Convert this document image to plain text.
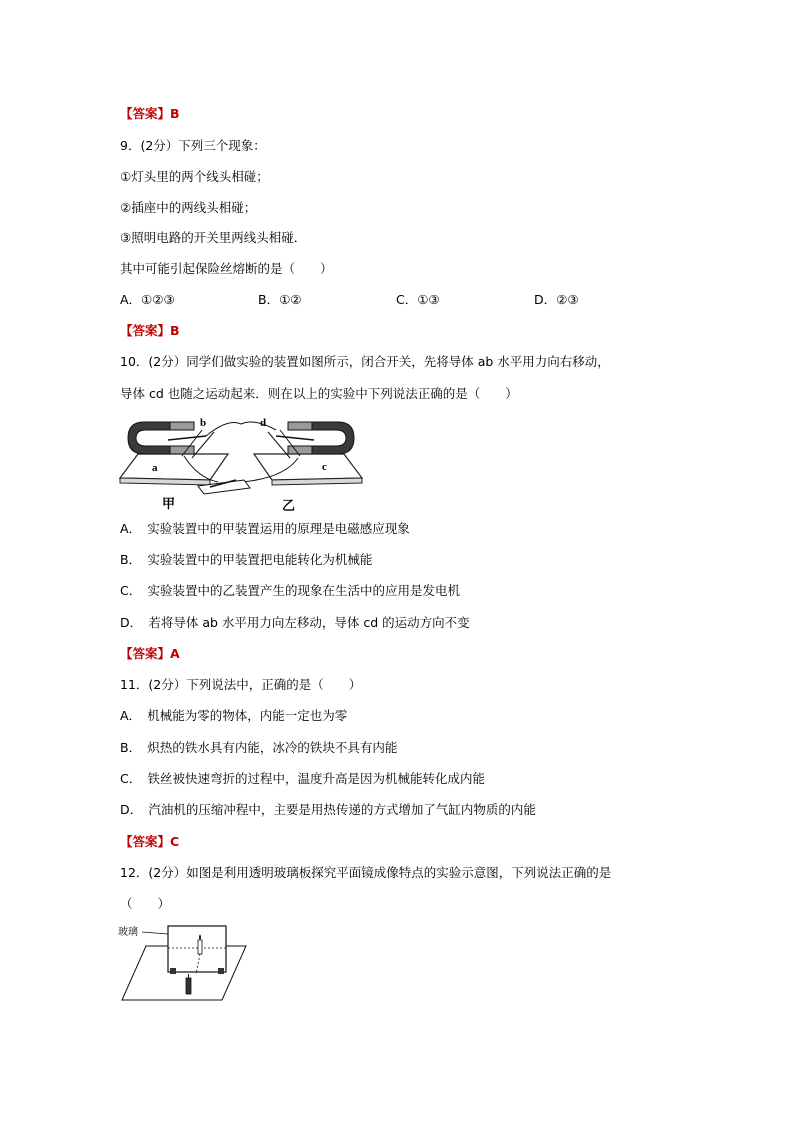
【答案】B
9．(2分）下列三个现象：
①灯头里的两个线头相碰；
②插座中的两线头相碰；
③照明电路的开关里两线头相碰．
其中可能引起保险丝熔断的是（　　）
A．①②③	B．①②	C．①③	D．②③
【答案】B
10．(2分）同学们做实验的装置如图所示，闭合开关，先将导体 ab 水平用力向右移动，
导体 cd 也随之运动起来．则在以上的实验中下列说法正确的是（　　）
a
b	d
c
甲	乙
A．　实验装置中的甲装置运用的原理是电磁感应现象
B．　实验装置中的甲装置把电能转化为机械能
C．　实验装置中的乙装置产生的现象在生活中的应用是发电机
D．　若将导体 ab 水平用力向左移动，导体 cd 的运动方向不变
【答案】A
11．(2分）下列说法中，正确的是（　　）
A．　机械能为零的物体，内能一定也为零
B．　炽热的铁水具有内能，冰冷的铁块不具有内能
C．　铁丝被快速弯折的过程中，温度升高是因为机械能转化成内能
D．　汽油机的压缩冲程中，主要是用热传递的方式增加了气缸内物质的内能
【答案】C
12．(2分）如图是利用透明玻璃板探究平面镜成像特点的实验示意图，下列说法正确的是
（　　）
玻璃
